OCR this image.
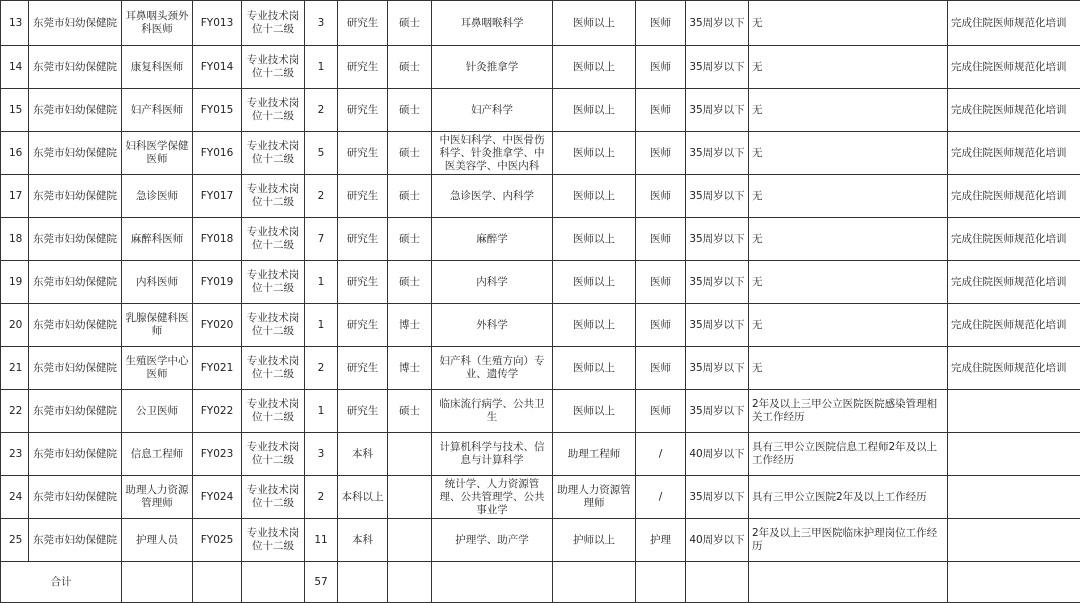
13	东莞市妇幼保健院	耳鼻咽头颈外科医师	FY013	专业技术岗位十二级	3	研究生	硕士	耳鼻咽喉科学	医师以上	医师	35周岁以下	无	完成住院医师规范化培训
14	东莞市妇幼保健院	康复科医师	FY014	专业技术岗位十二级	1	研究生	硕士	针灸推拿学	医师以上	医师	35周岁以下	无	完成住院医师规范化培训
15	东莞市妇幼保健院	妇产科医师	FY015	专业技术岗位十二级	2	研究生	硕士	妇产科学	医师以上	医师	35周岁以下	无	完成住院医师规范化培训
16	东莞市妇幼保健院	妇科医学保健医师	FY016	专业技术岗位十二级	5	研究生	硕士	中医妇科学、中医骨伤科学、针灸推拿学、中医美容学、中医内科	医师以上	医师	35周岁以下	无	完成住院医师规范化培训
17	东莞市妇幼保健院	急诊医师	FY017	专业技术岗位十二级	2	研究生	硕士	急诊医学、内科学	医师以上	医师	35周岁以下	无	完成住院医师规范化培训
18	东莞市妇幼保健院	麻醉科医师	FY018	专业技术岗位十二级	7	研究生	硕士	麻醉学	医师以上	医师	35周岁以下	无	完成住院医师规范化培训
19	东莞市妇幼保健院	内科医师	FY019	专业技术岗位十二级	1	研究生	硕士	内科学	医师以上	医师	35周岁以下	无	完成住院医师规范化培训
20	东莞市妇幼保健院	乳腺保健科医师	FY020	专业技术岗位十二级	1	研究生	博士	外科学	医师以上	医师	35周岁以下	无	完成住院医师规范化培训
21	东莞市妇幼保健院	生殖医学中心医师	FY021	专业技术岗位十二级	2	研究生	博士	妇产科（生殖方向）专业、遗传学	医师以上	医师	35周岁以下	无	完成住院医师规范化培训
22	东莞市妇幼保健院	公卫医师	FY022	专业技术岗位十二级	1	研究生	硕士	临床流行病学、公共卫生	医师以上	医师	35周岁以下	2年及以上三甲公立医院医院感染管理相关工作经历	
23	东莞市妇幼保健院	信息工程师	FY023	专业技术岗位十二级	3	本科		计算机科学与技术、信息与计算科学	助理工程师	/	40周岁以下	具有三甲公立医院信息工程师2年及以上工作经历	
24	东莞市妇幼保健院	助理人力资源管理师	FY024	专业技术岗位十二级	2	本科以上		统计学、人力资源管理、公共管理学、公共事业学	助理人力资源管理师	/	35周岁以下	具有三甲公立医院2年及以上工作经历	
25	东莞市妇幼保健院	护理人员	FY025	专业技术岗位十二级	11	本科		护理学、助产学	护师以上	护理	40周岁以下	2年及以上三甲医院临床护理岗位工作经历	
合计					57								
